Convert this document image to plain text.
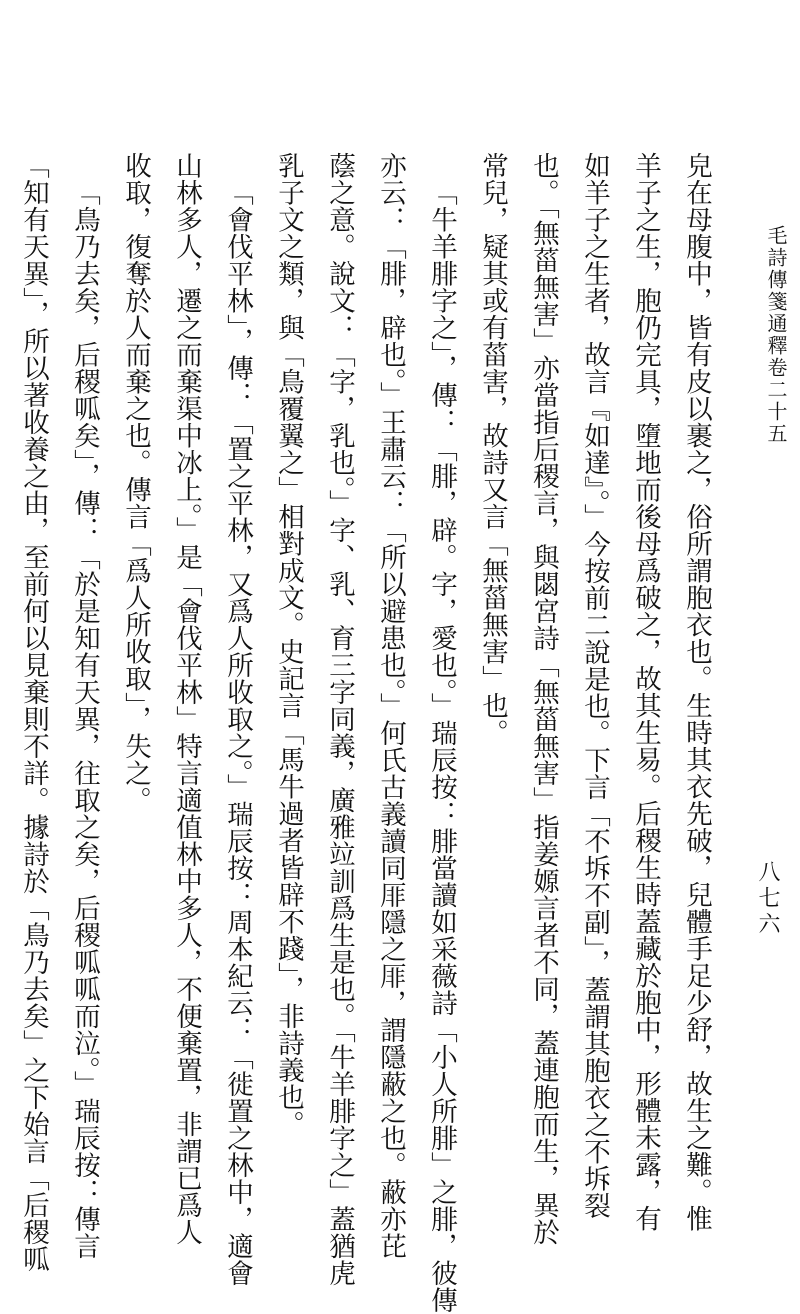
毛詩傳箋通釋卷二十五
八七六
皃在母腹中，皆有皮以裹之，俗所謂胞衣也。生時其衣先破，兒體手足少舒，故生之難。惟
羊子之生，胞仍完具，墮地而後母爲破之，故其生易。后稷生時蓋藏於胞中，形體未露，有
如羊子之生者，故言『如達』。」今按前二說是也。下言「不坼不副」，蓋謂其胞衣之不坼裂
也。「無菑無害」亦當指后稷言，與閟宮詩「無菑無害」指姜嫄言者不同，蓋連胞而生，異於
常兒，疑其或有菑害，故詩又言「無菑無害」也。
「牛羊腓字之」，傳：「腓，辟。字，愛也。」瑞辰按：腓當讀如采薇詩「小人所腓」之腓，彼傳
亦云：「腓，辟也。」王肅云：「所以避患也。」何氏古義讀同厞隱之厞，謂隱蔽之也。蔽亦芘
蔭之意。說文：「字，乳也。」字、乳、育三字同義，廣雅竝訓爲生是也。「牛羊腓字之」蓋猶虎
乳子文之類，與「鳥覆翼之」相對成文。史記言「馬牛過者皆辟不踐」，非詩義也。
「會伐平林」，傳：「置之平林，又爲人所收取之。」瑞辰按：周本紀云：「徙置之林中，適會
山林多人，遷之而棄渠中冰上。」是「會伐平林」特言適值林中多人，不便棄置，非謂已爲人
收取，復奪於人而棄之也。傳言「爲人所收取」，失之。
「鳥乃去矣，后稷呱矣」，傳：「於是知有天異，往取之矣，后稷呱呱而泣。」瑞辰按：傳言
「知有天異」，所以著收養之由，至前何以見棄則不詳。據詩於「鳥乃去矣」之下始言「后稷呱
